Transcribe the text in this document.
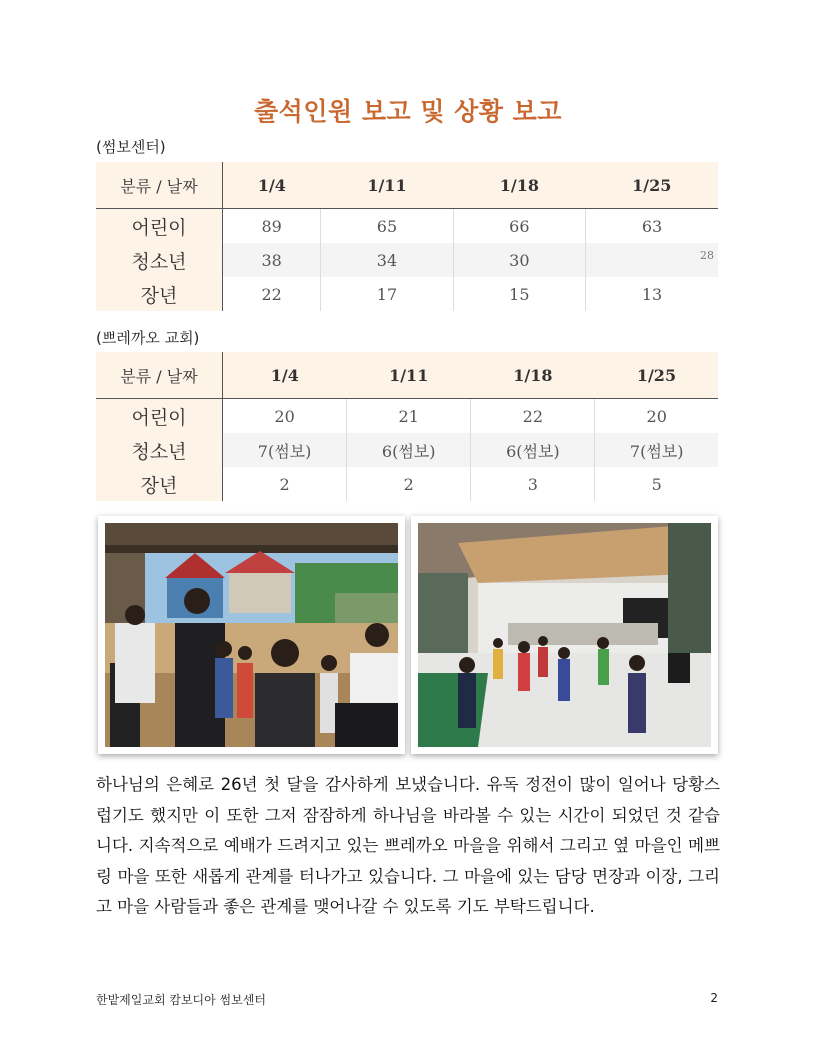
출석인원 보고 및 상황 보고
(썸보센터)
분류 / 날짜	1/4	1/11	1/18	1/25
어린이	89	65	66	63
청소년	38	34	30	28

장년	22	17	15	13
(쁘레까오 교회)
분류 / 날짜	1/4	1/11	1/18	1/25
어린이	20	21	22	20
청소년	7(썸보)	6(썸보)	6(썸보)	7(썸보)
장년	2	2	3	5
하나님의 은혜로 26년 첫 달을 감사하게 보냈습니다. 유독 정전이 많이 일어나 당황스럽기도 했지만 이 또한 그저 잠잠하게 하나님을 바라볼 수 있는 시간이 되었던 것 같습니다. 지속적으로 예배가 드려지고 있는 쁘레까오 마을을 위해서 그리고 옆 마을인 메쁘링 마을 또한 새롭게 관계를 터나가고 있습니다. 그 마을에 있는 담당 면장과 이장, 그리고 마을 사람들과 좋은 관계를 맺어나갈 수 있도록 기도 부탁드립니다.
한밭제일교회 캄보디아 썸보센터	2
